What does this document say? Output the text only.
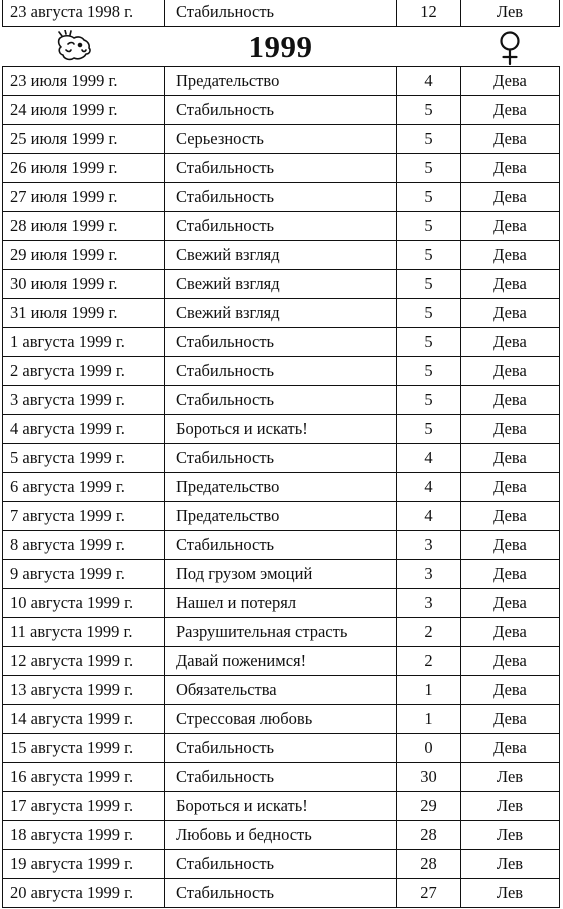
23 августа 1998 г.	Стабильность	12	Лев
1999
23 июля 1999 г.	Предательство	4	Дева
24 июля 1999 г.	Стабильность	5	Дева
25 июля 1999 г.	Серьезность	5	Дева
26 июля 1999 г.	Стабильность	5	Дева
27 июля 1999 г.	Стабильность	5	Дева
28 июля 1999 г.	Стабильность	5	Дева
29 июля 1999 г.	Свежий взгляд	5	Дева
30 июля 1999 г.	Свежий взгляд	5	Дева
31 июля 1999 г.	Свежий взгляд	5	Дева
1 августа 1999 г.	Стабильность	5	Дева
2 августа 1999 г.	Стабильность	5	Дева
3 августа 1999 г.	Стабильность	5	Дева
4 августа 1999 г.	Бороться и искать!	5	Дева
5 августа 1999 г.	Стабильность	4	Дева
6 августа 1999 г.	Предательство	4	Дева
7 августа 1999 г.	Предательство	4	Дева
8 августа 1999 г.	Стабильность	3	Дева
9 августа 1999 г.	Под грузом эмоций	3	Дева
10 августа 1999 г.	Нашел и потерял	3	Дева
11 августа 1999 г.	Разрушительная страсть	2	Дева
12 августа 1999 г.	Давай поженимся!	2	Дева
13 августа 1999 г.	Обязательства	1	Дева
14 августа 1999 г.	Стрессовая любовь	1	Дева
15 августа 1999 г.	Стабильность	0	Дева
16 августа 1999 г.	Стабильность	30	Лев
17 августа 1999 г.	Бороться и искать!	29	Лев
18 августа 1999 г.	Любовь и бедность	28	Лев
19 августа 1999 г.	Стабильность	28	Лев
20 августа 1999 г.	Стабильность	27	Лев
